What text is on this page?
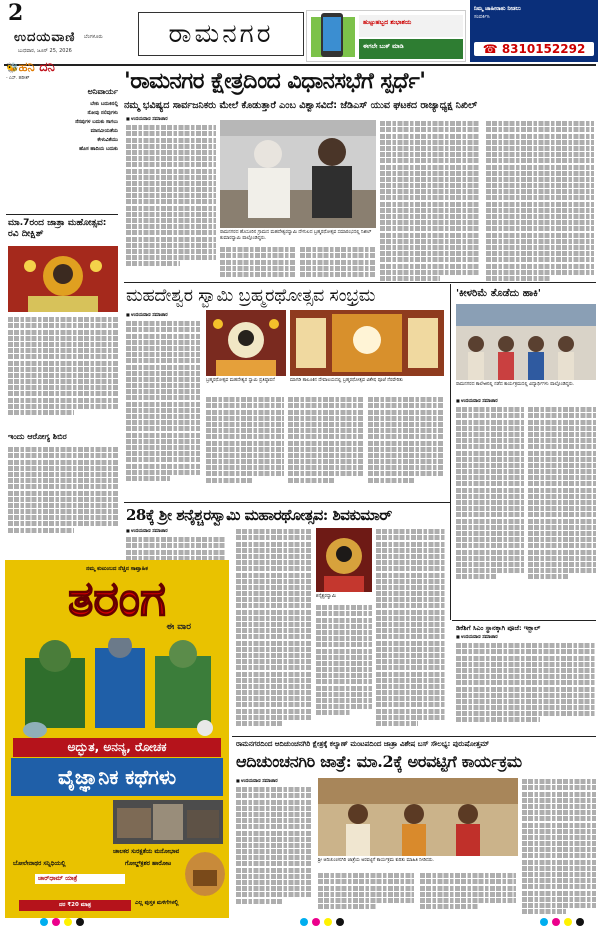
2
ಉದಯವಾಣಿ ಬೆಂಗಳೂರು
ಬುಧವಾರ, ಜೂನ್ 25, 2026
ರಾಮನಗರ	ಹುಟ್ಟುಹಬ್ಬದ ಶುಭಾಶಯ
ಈಗಲೇ ಬುಕ್ ಮಾಡಿ
ನಿಮ್ಮ ಜಾಹೀರಾತು ನೀಡಲು
ಸಂಪರ್ಕಿಸಿ
☎ 8310152292
🐝ಹನಿ ದನಿ
- ಎಸ್. ಹರೀಶ್
ಅನಿವಾರ್ಯ
ಬೇಕು ಬದುಕಿನಲ್ಲಿ
ನೋವು ನಲಿವುಗಳು
ನೆನಪುಗಳ ಬದುಕು ಸಾಗಲು
ಮಾನವೀಯತೆಯ
ಕೇಳುವಿಕೆಯು
ಹೊಸ ಹಾದಿಯ ಬದುಕು
ಮಾ.7ರಂದ ಜಾತ್ರಾ ಮಹೋತ್ಸವ: ರವಿ ದೀಕ್ಷಿತ್
ಇಂದು ಆರೋಗ್ಯ ಶಿಬಿರ
'ರಾಮನಗರ ಕ್ಷೇತ್ರದಿಂದ ವಿಧಾನಸಭೆಗೆ ಸ್ಪರ್ಧೆ'
ನಮ್ಮ ಭವಿಷ್ಯದ ಸಾರ್ವಜನಿಕರು ಮೇಲೆ ಕೊಡುತ್ತಾರೆ ಎಂಬ ವಿಶ್ವಾಸವಿದೆ: ಜೆಡಿಎಸ್ ಯುವ ಘಟಕದ ರಾಜ್ಯಾಧ್ಯಕ್ಷ ನಿಖಿಲ್
■ ಉದಯವಾಣಿ ಸಮಾಚಾರ
ರಾಮನಗರದ ಹೊಸೂರಿನ ಗ್ರಾಮದ ಮಹದೇಶ್ವರಸ್ವಾಮಿ ದೇಗುಲದ ಬ್ರಹ್ಮರಥೋತ್ಸವ ಸಮಾರಂಭದಲ್ಲಿ ನಿಖಿಲ್ ಕುಮಾರಸ್ವಾಮಿ ಪಾಲ್ಗೊಂಡಿದ್ದರು.
ಮಹದೇಶ್ವರ ಸ್ವಾಮಿ ಬ್ರಹ್ಮರಥೋತ್ಸವ ಸಂಭ್ರಮ
■ ಉದಯವಾಣಿ ಸಮಾಚಾರ
ಬ್ರಹ್ಮರಥೋತ್ಸವ ಮಹದೇಶ್ವರ ಸ್ವಾಮಿ ಪ್ರತಿಷ್ಠಾಪನೆ	ಮಾಗಡಿ ತಾಲೂಕಿನ ದೇವಾಲಯದಲ್ಲಿ ಬ್ರಹ್ಮರಥೋತ್ಸವ ವಿಶೇಷ ಪೂಜೆ ನೆರವೇರಿತು
'ಕೀಳರಿಮೆ ತೊಡೆದು ಹಾಕಿ'
ರಾಮನಗರದ ಕಾಲೇಜಿನಲ್ಲಿ ನಡೆದ ಕಾರ್ಯಕ್ರಮದಲ್ಲಿ ವಿದ್ಯಾರ್ಥಿಗಳು ಪಾಲ್ಗೊಂಡಿದ್ದರು.
■ ಉದಯವಾಣಿ ಸಮಾಚಾರ
28ಕ್ಕೆ ಶ್ರೀ ಶನೈಶ್ಚರಸ್ವಾಮಿ ಮಹಾರಥೋತ್ಸವ: ಶಿವಕುಮಾರ್
■ ಉದಯವಾಣಿ ಸಮಾಚಾರ
ಶನೈಶ್ಚರಸ್ವಾಮಿ
ಡಿಕೆಶಿಗೆ ಸಿಎಂ ಸ್ಥಾನಕ್ಕಾಗಿ ಪೂಜೆ: ಇಕ್ಬಾಲ್
■ ಉದಯವಾಣಿ ಸಮಾಚಾರ
ರಾಮನಗರದಿಂದ ಆದಿಚುಂಚನಗಿರಿ ಕ್ಷೇತ್ರಕ್ಕೆ ಕಲ್ಯಾಣ್ ಮಂಟಪದಿಂದ ಜಾತ್ರಾ ವಿಶೇಷ ಬಸ್ ಸೌಲಭ್ಯ: ಪುರುಷೋತ್ತಮ್
ಆದಿಚುಂಚನಗಿರಿ ಜಾತ್ರೆ: ಮಾ.2ಕ್ಕೆ ಅರವಟ್ಟಿಗೆ ಕಾರ್ಯಕ್ರಮ
■ ಉದಯವಾಣಿ ಸಮಾಚಾರ
ಶ್ರೀ ಆದಿಚುಂಚನಗಿರಿ ಜಾತ್ರೆಯ ಅರವಟ್ಟಿಗೆ ಕಾರ್ಯಕ್ರಮ ಕುರಿತು ಮಾಹಿತಿ ನೀಡಿದರು.
ನಮ್ಮ ಕುಟುಂಬದ ನೆಚ್ಚಿನ ಸಾಪ್ತಾಹಿಕ
ತರಂಗ ಈ ವಾರ
ಅದ್ಭುತ, ಅನನ್ಯ, ರೋಚಕ
ವೈಜ್ಞಾನಿಕ ಕಥೆಗಳು
ಚಾಲಕರ ಸುರಕ್ಷತೆಯ ಮನೋಭಾವ
ಬೋಲೇನಾಥರ ಸನ್ನಿಧಿಯಲ್ಲಿ
ಚಾರ್‌ಧಾಮ್ ಯಾತ್ರೆ
ಗೋಲ್ಡ್‌ಕ್ರಶರ ಹಾರೋಟ
ದರ ₹20 ಮಾತ್ರ	ಎಲ್ಲ ಪುಸ್ತಕ ಮಳಿಗೆಗಳಲ್ಲಿ
